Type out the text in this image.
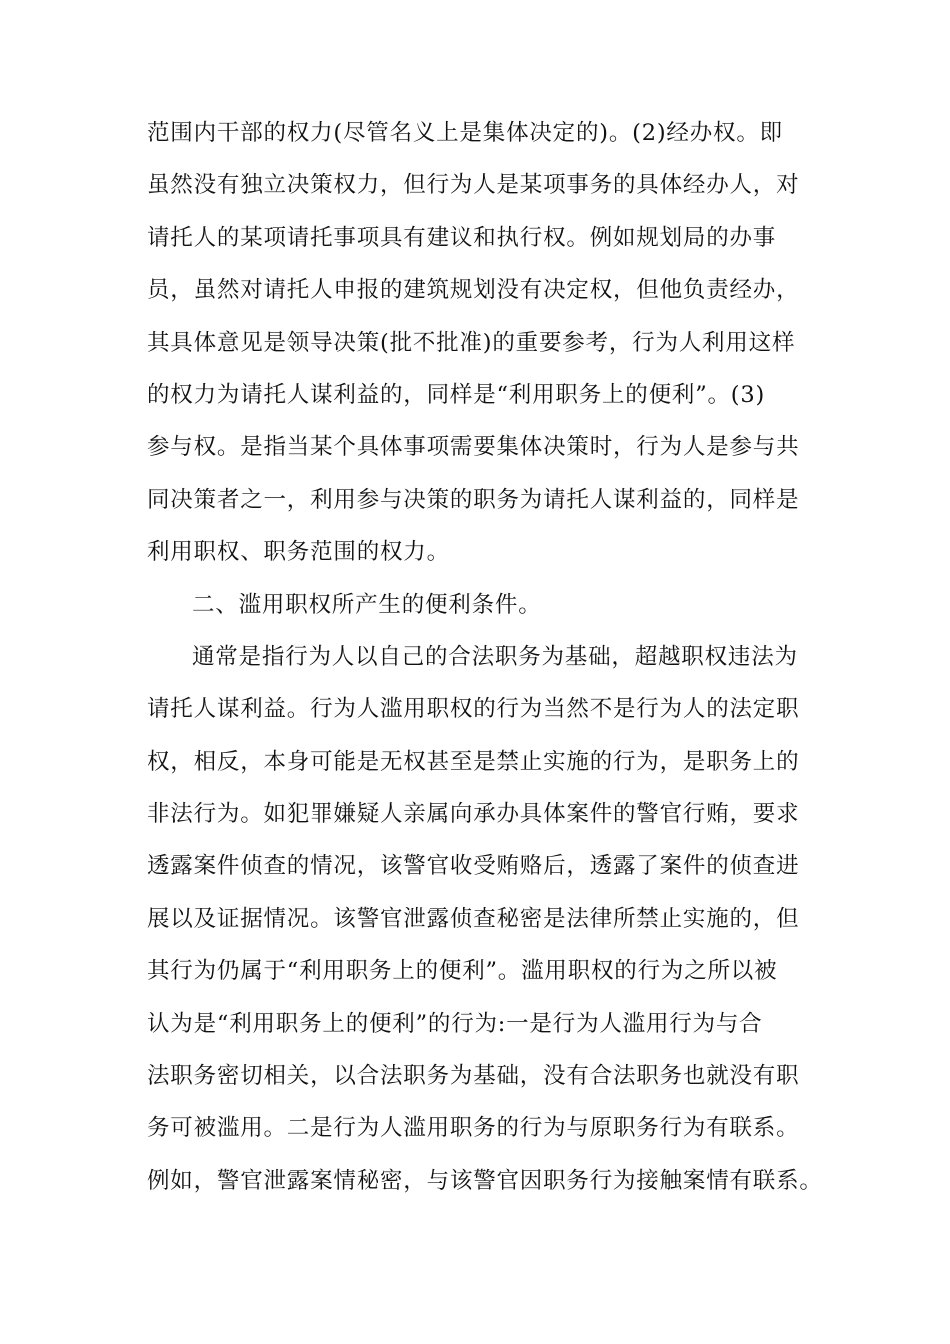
范围内干部的权力(尽管名义上是集体决定的)。(2)经办权。即
虽然没有独立决策权力，但行为人是某项事务的具体经办人，对
请托人的某项请托事项具有建议和执行权。例如规划局的办事
员，虽然对请托人申报的建筑规划没有决定权，但他负责经办，
其具体意见是领导决策(批不批准)的重要参考，行为人利用这样
的权力为请托人谋利益的，同样是“利用职务上的便利”。(3)
参与权。是指当某个具体事项需要集体决策时，行为人是参与共
同决策者之一，利用参与决策的职务为请托人谋利益的，同样是
利用职权、职务范围的权力。
二、滥用职权所产生的便利条件。
通常是指行为人以自己的合法职务为基础，超越职权违法为
请托人谋利益。行为人滥用职权的行为当然不是行为人的法定职
权，相反，本身可能是无权甚至是禁止实施的行为，是职务上的
非法行为。如犯罪嫌疑人亲属向承办具体案件的警官行贿，要求
透露案件侦查的情况，该警官收受贿赂后，透露了案件的侦查进
展以及证据情况。该警官泄露侦查秘密是法律所禁止实施的，但
其行为仍属于“利用职务上的便利”。滥用职权的行为之所以被
认为是“利用职务上的便利”的行为:一是行为人滥用行为与合
法职务密切相关，以合法职务为基础，没有合法职务也就没有职
务可被滥用。二是行为人滥用职务的行为与原职务行为有联系。
例如，警官泄露案情秘密，与该警官因职务行为接触案情有联系。
